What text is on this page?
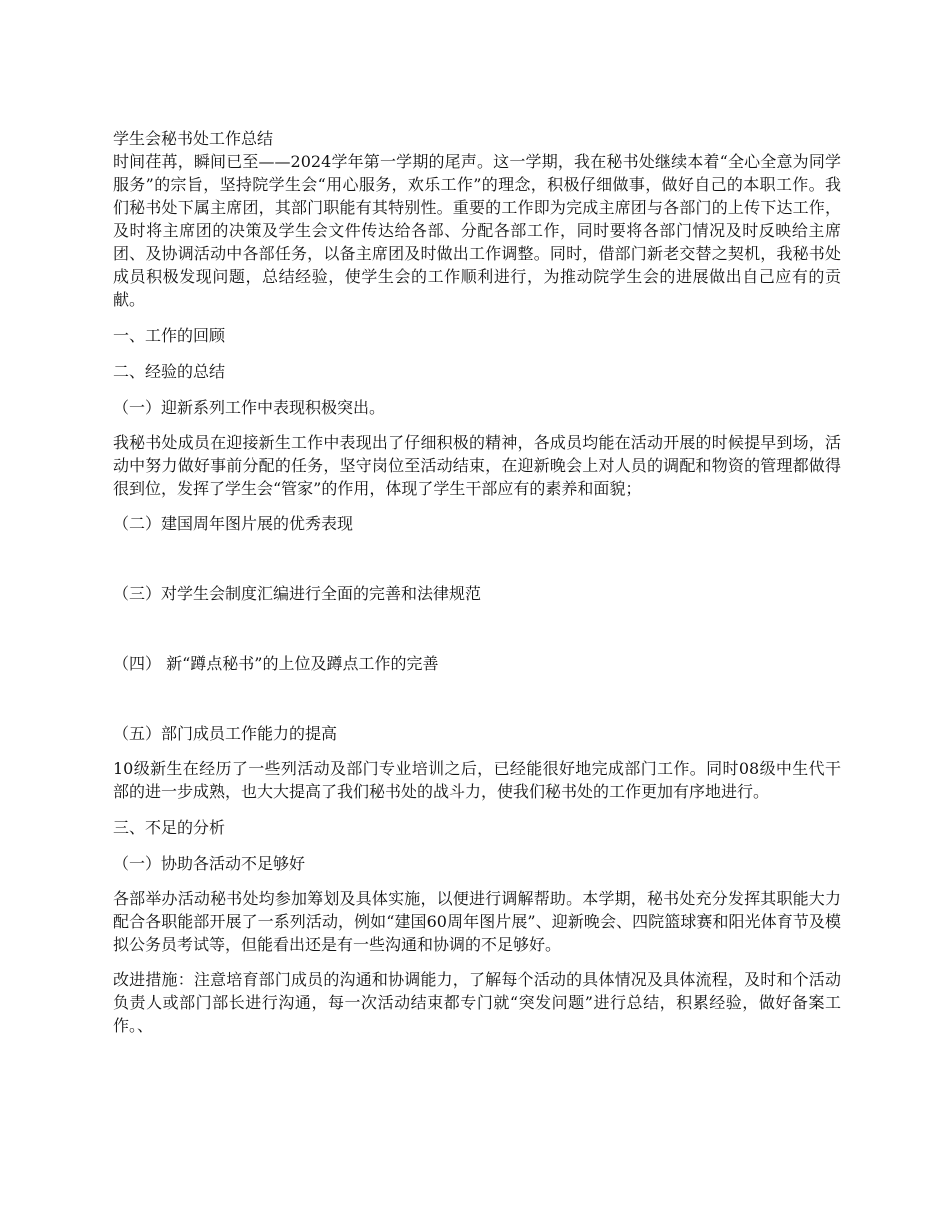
学生会秘书处工作总结

时间荏苒，瞬间已至——2024学年第一学期的尾声。这一学期，我在秘书处继续本着“全心全意为同学服务”的宗旨，坚持院学生会“用心服务，欢乐工作”的理念，积极仔细做事，做好自己的本职工作。我们秘书处下属主席团，其部门职能有其特别性。重要的工作即为完成主席团与各部门的上传下达工作，及时将主席团的决策及学生会文件传达给各部、分配各部工作，同时要将各部门情况及时反映给主席团、及协调活动中各部任务，以备主席团及时做出工作调整。同时，借部门新老交替之契机，我秘书处成员积极发现问题，总结经验，使学生会的工作顺利进行，为推动院学生会的进展做出自己应有的贡献。

一、工作的回顾

二、经验的总结

（一）迎新系列工作中表现积极突出。

我秘书处成员在迎接新生工作中表现出了仔细积极的精神，各成员均能在活动开展的时候提早到场，活动中努力做好事前分配的任务，坚守岗位至活动结束，在迎新晚会上对人员的调配和物资的管理都做得很到位，发挥了学生会“管家”的作用，体现了学生干部应有的素养和面貌；

（二）建国周年图片展的优秀表现

（三）对学生会制度汇编进行全面的完善和法律规范

（四） 新“蹲点秘书”的上位及蹲点工作的完善

（五）部门成员工作能力的提高

10级新生在经历了一些列活动及部门专业培训之后，已经能很好地完成部门工作。同时08级中生代干部的进一步成熟，也大大提高了我们秘书处的战斗力，使我们秘书处的工作更加有序地进行。

三、不足的分析

（一）协助各活动不足够好

各部举办活动秘书处均参加筹划及具体实施，以便进行调解帮助。本学期，秘书处充分发挥其职能大力配合各职能部开展了一系列活动，例如“建国60周年图片展”、迎新晚会、四院篮球赛和阳光体育节及模拟公务员考试等，但能看出还是有一些沟通和协调的不足够好。

改进措施：注意培育部门成员的沟通和协调能力，了解每个活动的具体情况及具体流程，及时和个活动负责人或部门部长进行沟通，每一次活动结束都专门就“突发问题”进行总结，积累经验，做好备案工作。、
